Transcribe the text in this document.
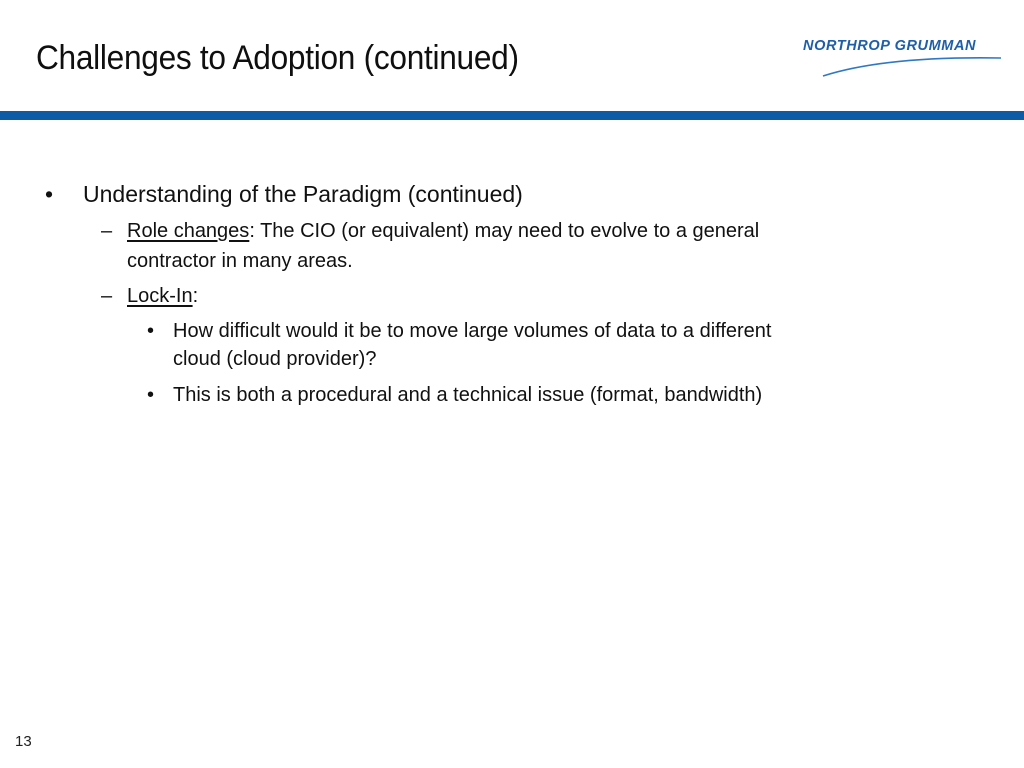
Challenges to Adoption (continued)	NORTHROP GRUMMAN
• Understanding of the Paradigm (continued)
– Role changes: The CIO (or equivalent) may need to evolve to a general
contractor in many areas.
– Lock-In:
• How difficult would it be to move large volumes of data to a different
cloud (cloud provider)?
• This is both a procedural and a technical issue (format, bandwidth)
13
